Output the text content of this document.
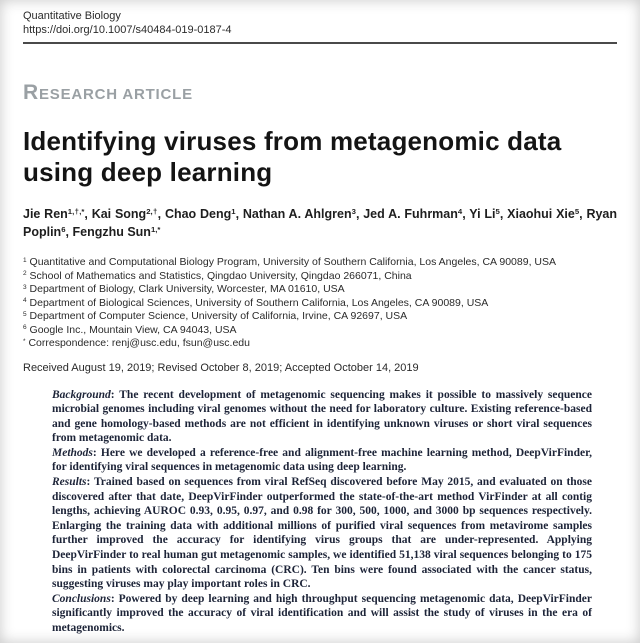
Quantitative Biology
https://doi.org/10.1007/s40484-019-0187-4
RESEARCH ARTICLE
Identifying viruses from metagenomic data using deep learning
Jie Ren$^{1,\dagger,*}$, Kai Song$^{2,\dagger}$, Chao Deng$^1$, Nathan A. Ahlgren$^3$, Jed A. Fuhrman$^4$, Yi Li$^5$, Xiaohui Xie$^5$, Ryan Poplin$^6$, Fengzhu Sun$^{1,*}$
$^1$ Quantitative and Computational Biology Program, University of Southern California, Los Angeles, CA 90089, USA
$^2$ School of Mathematics and Statistics, Qingdao University, Qingdao 266071, China
$^3$ Department of Biology, Clark University, Worcester, MA 01610, USA
$^4$ Department of Biological Sciences, University of Southern California, Los Angeles, CA 90089, USA
$^5$ Department of Computer Science, University of California, Irvine, CA 92697, USA
$^6$ Google Inc., Mountain View, CA 94043, USA
* Correspondence: renj@usc.edu, fsun@usc.edu
Received August 19, 2019; Revised October 8, 2019; Accepted October 14, 2019

Background: The recent development of metagenomic sequencing makes it possible to massively sequence microbial genomes including viral genomes without the need for laboratory culture. Existing reference-based and gene homology-based methods are not efficient in identifying unknown viruses or short viral sequences from metagenomic data.

Methods: Here we developed a reference-free and alignment-free machine learning method, DeepVirFinder, for identifying viral sequences in metagenomic data using deep learning.

Results: Trained based on sequences from viral RefSeq discovered before May 2015, and evaluated on those discovered after that date, DeepVirFinder outperformed the state-of-the-art method VirFinder at all contig lengths, achieving AUROC 0.93, 0.95, 0.97, and 0.98 for 300, 500, 1000, and 3000 bp sequences respectively. Enlarging the training data with additional millions of purified viral sequences from metavirome samples further improved the accuracy for identifying virus groups that are under-represented. Applying DeepVirFinder to real human gut metagenomic samples, we identified 51,138 viral sequences belonging to 175 bins in patients with colorectal carcinoma (CRC). Ten bins were found associated with the cancer status, suggesting viruses may play important roles in CRC.

Conclusions: Powered by deep learning and high throughput sequencing metagenomic data, DeepVirFinder significantly improved the accuracy of viral identification and will assist the study of viruses in the era of metagenomics.
